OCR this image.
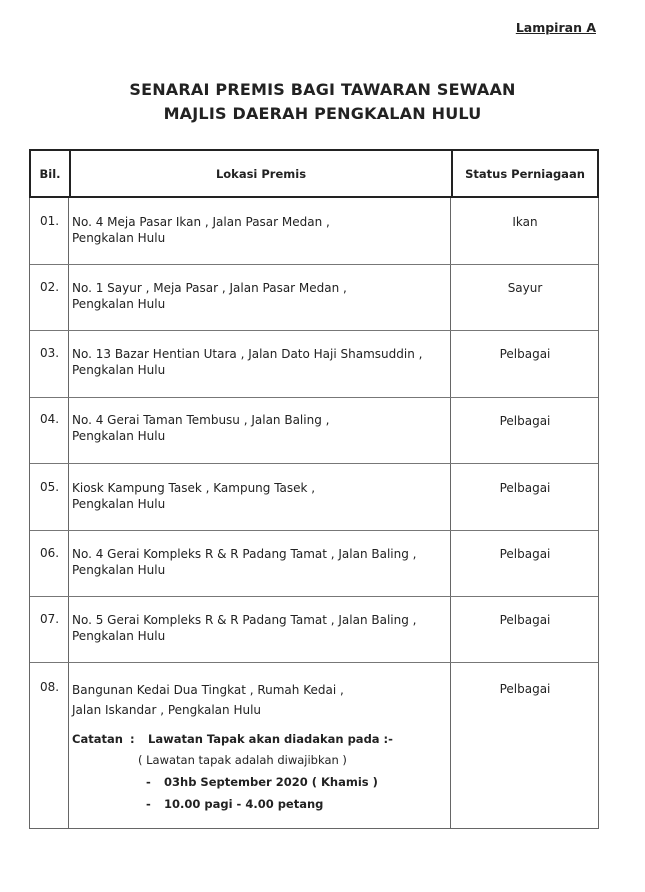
Lampiran A
SENARAI PREMIS BAGI TAWARAN SEWAAN
MAJLIS DAERAH PENGKALAN HULU
Bil.	Lokasi Premis	Status Perniagaan
01. No. 4 Meja Pasar Ikan , Jalan Pasar Medan ,
Pengkalan Hulu
Ikan
02. No. 1 Sayur , Meja Pasar , Jalan Pasar Medan ,
Pengkalan Hulu
Sayur
03. No. 13 Bazar Hentian Utara , Jalan Dato Haji Shamsuddin ,
Pengkalan Hulu
Pelbagai
04. No. 4 Gerai Taman Tembusu , Jalan Baling ,
Pengkalan Hulu
Pelbagai
05. Kiosk Kampung Tasek , Kampung Tasek ,
Pengkalan Hulu
Pelbagai
06. No. 4 Gerai Kompleks R & R Padang Tamat , Jalan Baling ,
Pengkalan Hulu
Pelbagai
07. No. 5 Gerai Kompleks R & R Padang Tamat , Jalan Baling ,
Pengkalan Hulu
Pelbagai
08. Bangunan Kedai Dua Tingkat , Rumah Kedai ,
Jalan Iskandar , Pengkalan Hulu
Pelbagai
Catatan : Lawatan Tapak akan diadakan pada :-
( Lawatan tapak adalah diwajibkan )
- 03hb September 2020 ( Khamis )
- 10.00 pagi - 4.00 petang
